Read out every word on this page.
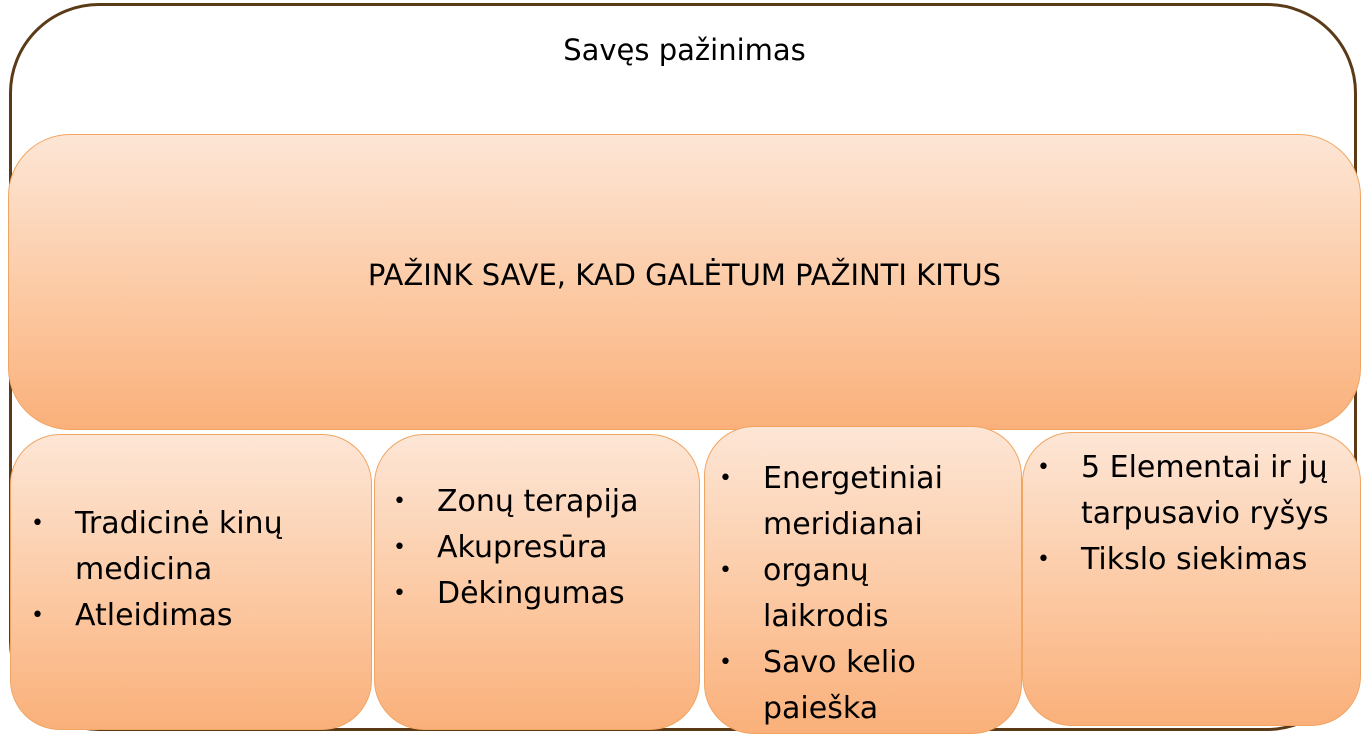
Savęs pažinimas
PAŽINK SAVE, KAD GALĖTUM PAŽINTI KITUS
• Tradicinė kinų
medicina
• Atleidimas
• Zonų terapija
• Akupresūra
• Dėkingumas
• Energetiniai
meridianai
• organų
laikrodis
• Savo kelio
paieška
• 5 Elementai ir jų
tarpusavio ryšys
• Tikslo siekimas
